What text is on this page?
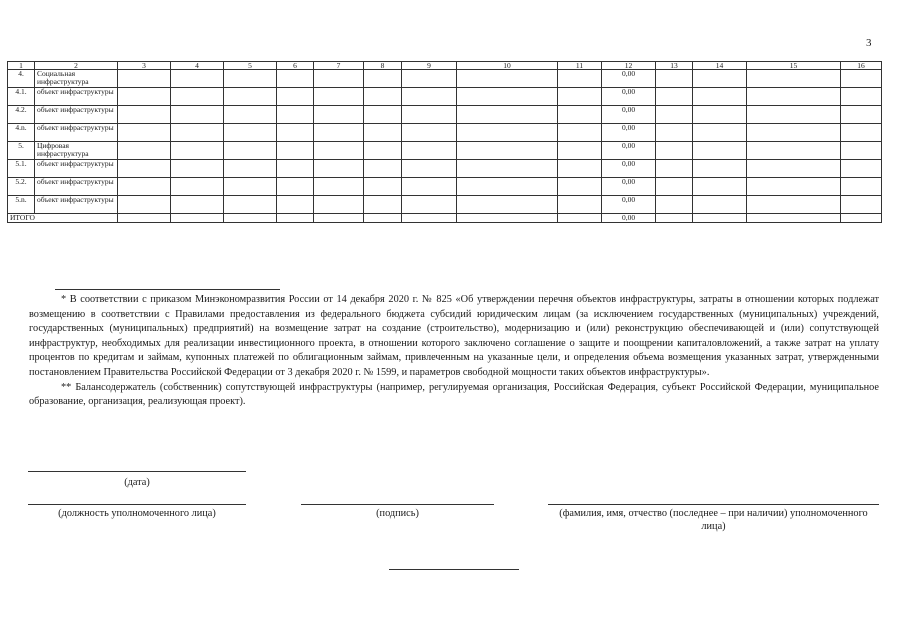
3
1	2	3	4	5	6	7	8	9	10	11	12	13	14	15	16
4.	Социальная инфраструктура										0,00				
4.1.	объект инфраструктуры										0,00				
4.2.	объект инфраструктуры										0,00				
4.n.	объект инфраструктуры										0,00				
5.	Цифровая инфраструктура										0,00				
5.1.	объект инфраструктуры										0,00				
5.2.	объект инфраструктуры										0,00				
5.n.	объект инфраструктуры										0,00				
ИТОГО											0,00				

* В соответствии с приказом Минэкономразвития России от 14 декабря 2020 г. № 825 «Об утверждении перечня объектов инфраструктуры, затраты в отношении которых подлежат возмещению в соответствии с Правилами предоставления из федерального бюджета субсидий юридическим лицам (за исключением государственных (муниципальных) учреждений, государственных (муниципальных) предприятий) на возмещение затрат на создание (строительство), модернизацию и (или) реконструкцию обеспечивающей и (или) сопутствующей инфраструктур, необходимых для реализации инвестиционного проекта, в отношении которого заключено соглашение о защите и поощрении капиталовложений, а также затрат на уплату процентов по кредитам и займам, купонных платежей по облигационным займам, привлеченным на указанные цели, и определения объема возмещения указанных затрат, утвержденными постановлением Правительства Российской Федерации от 3 декабря 2020 г. № 1599, и параметров свободной мощности таких объектов инфраструктуры».

** Балансодержатель (собственник) сопутствующей инфраструктуры (например, регулируемая организация, Российская Федерация, субъект Российской Федерации, муниципальное образование, организация, реализующая проект).

(дата)
(должность уполномоченного лица)	(подпись)	(фамилия, имя, отчество (последнее – при наличии) уполномоченного лица)
